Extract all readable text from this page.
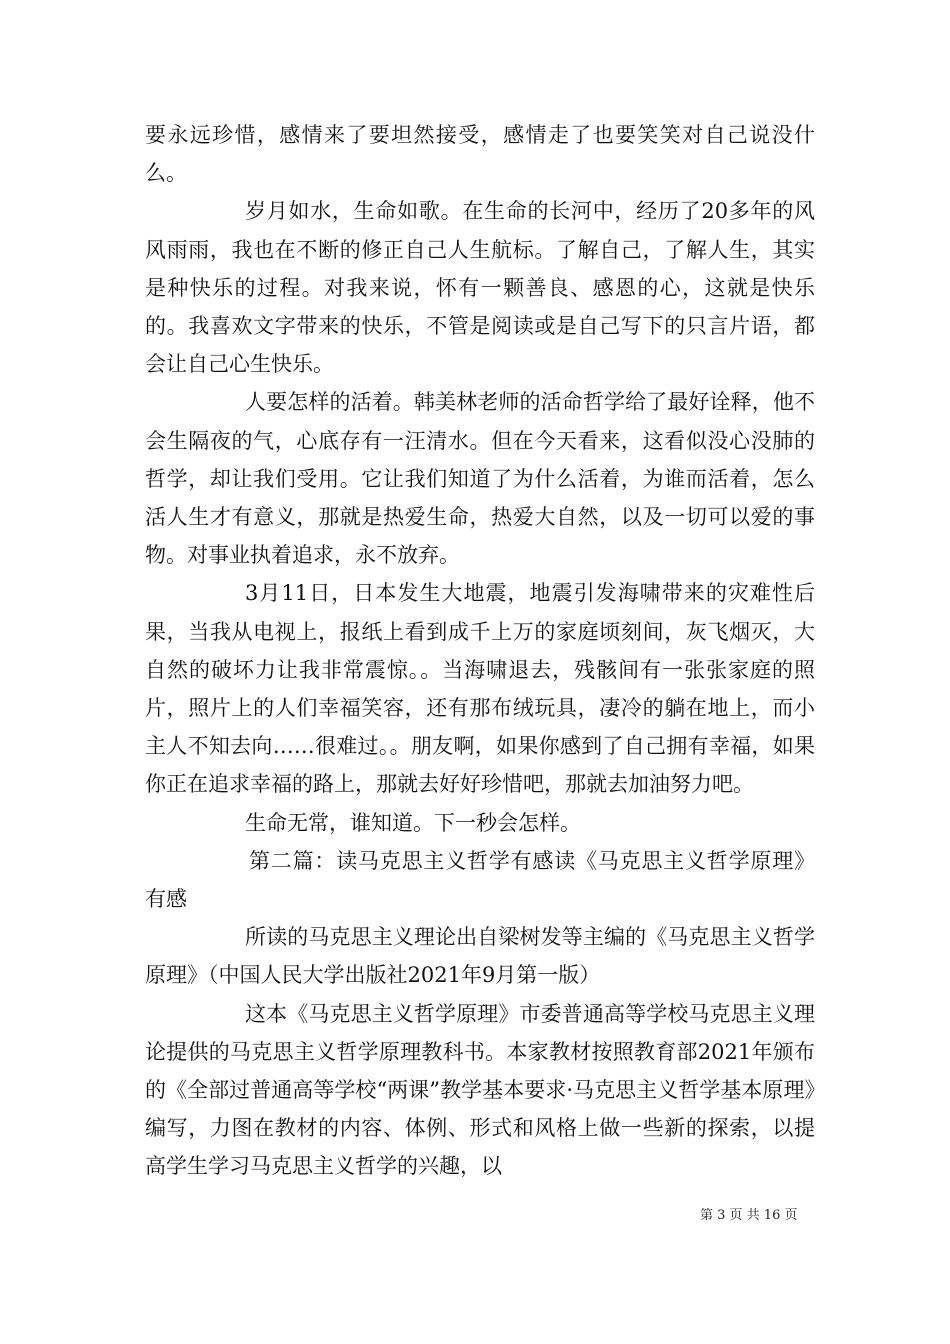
要永远珍惜，感情来了要坦然接受，感情走了也要笑笑对自己说没什么。

岁月如水，生命如歌。在生命的长河中，经历了20多年的风风雨雨，我也在不断的修正自己人生航标。了解自己，了解人生，其实是种快乐的过程。对我来说，怀有一颗善良、感恩的心，这就是快乐的。我喜欢文字带来的快乐，不管是阅读或是自己写下的只言片语，都会让自己心生快乐。

人要怎样的活着。韩美林老师的活命哲学给了最好诠释，他不会生隔夜的气，心底存有一汪清水。但在今天看来，这看似没心没肺的哲学，却让我们受用。它让我们知道了为什么活着，为谁而活着，怎么活人生才有意义，那就是热爱生命，热爱大自然，以及一切可以爱的事物。对事业执着追求，永不放弃。

3月11日，日本发生大地震，地震引发海啸带来的灾难性后果，当我从电视上，报纸上看到成千上万的家庭顷刻间，灰飞烟灭，大自然的破坏力让我非常震惊。。当海啸退去，残骸间有一张张家庭的照片，照片上的人们幸福笑容，还有那布绒玩具，凄冷的躺在地上，而小主人不知去向……很难过。。朋友啊，如果你感到了自己拥有幸福，如果你正在追求幸福的路上，那就去好好珍惜吧，那就去加油努力吧。

生命无常，谁知道。下一秒会怎样。

第二篇：读马克思主义哲学有感读《马克思主义哲学原理》有感

所读的马克思主义理论出自梁树发等主编的《马克思主义哲学原理》（中国人民大学出版社2021年9月第一版）

这本《马克思主义哲学原理》市委普通高等学校马克思主义理论提供的马克思主义哲学原理教科书。本家教材按照教育部2021年颁布的《全部过普通高等学校“两课”教学基本要求·马克思主义哲学基本原理》编写，力图在教材的内容、体例、形式和风格上做一些新的探索，以提高学生学习马克思主义哲学的兴趣，以

第 3 页 共 16 页
